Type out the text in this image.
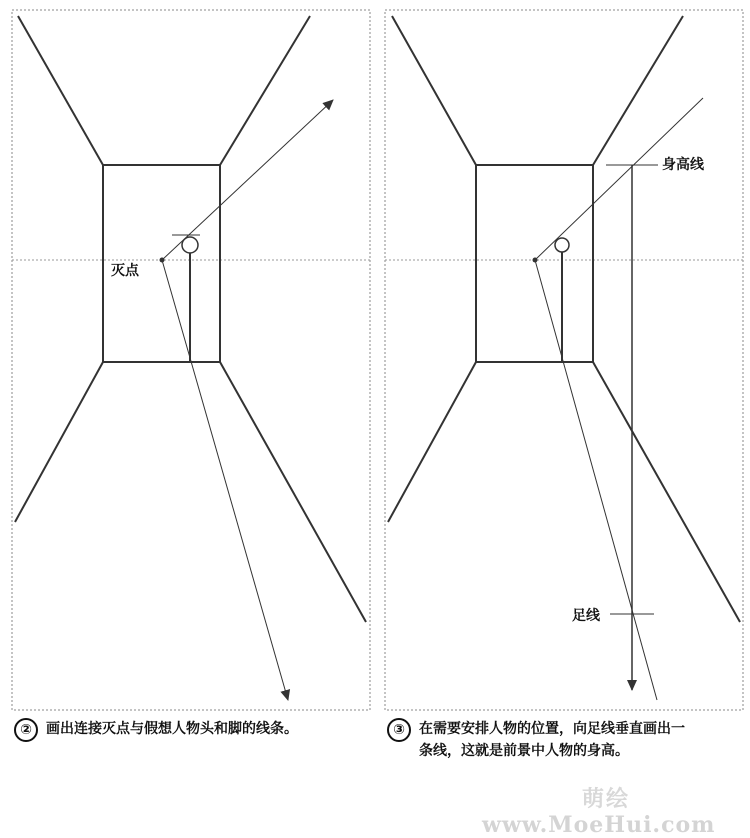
灭点
身高线
足线
②	画出连接灭点与假想人物头和脚的线条。	③	在需要安排人物的位置，向足线垂直画出一
条线，这就是前景中人物的身高。
萌绘
www.MoeHui.com
